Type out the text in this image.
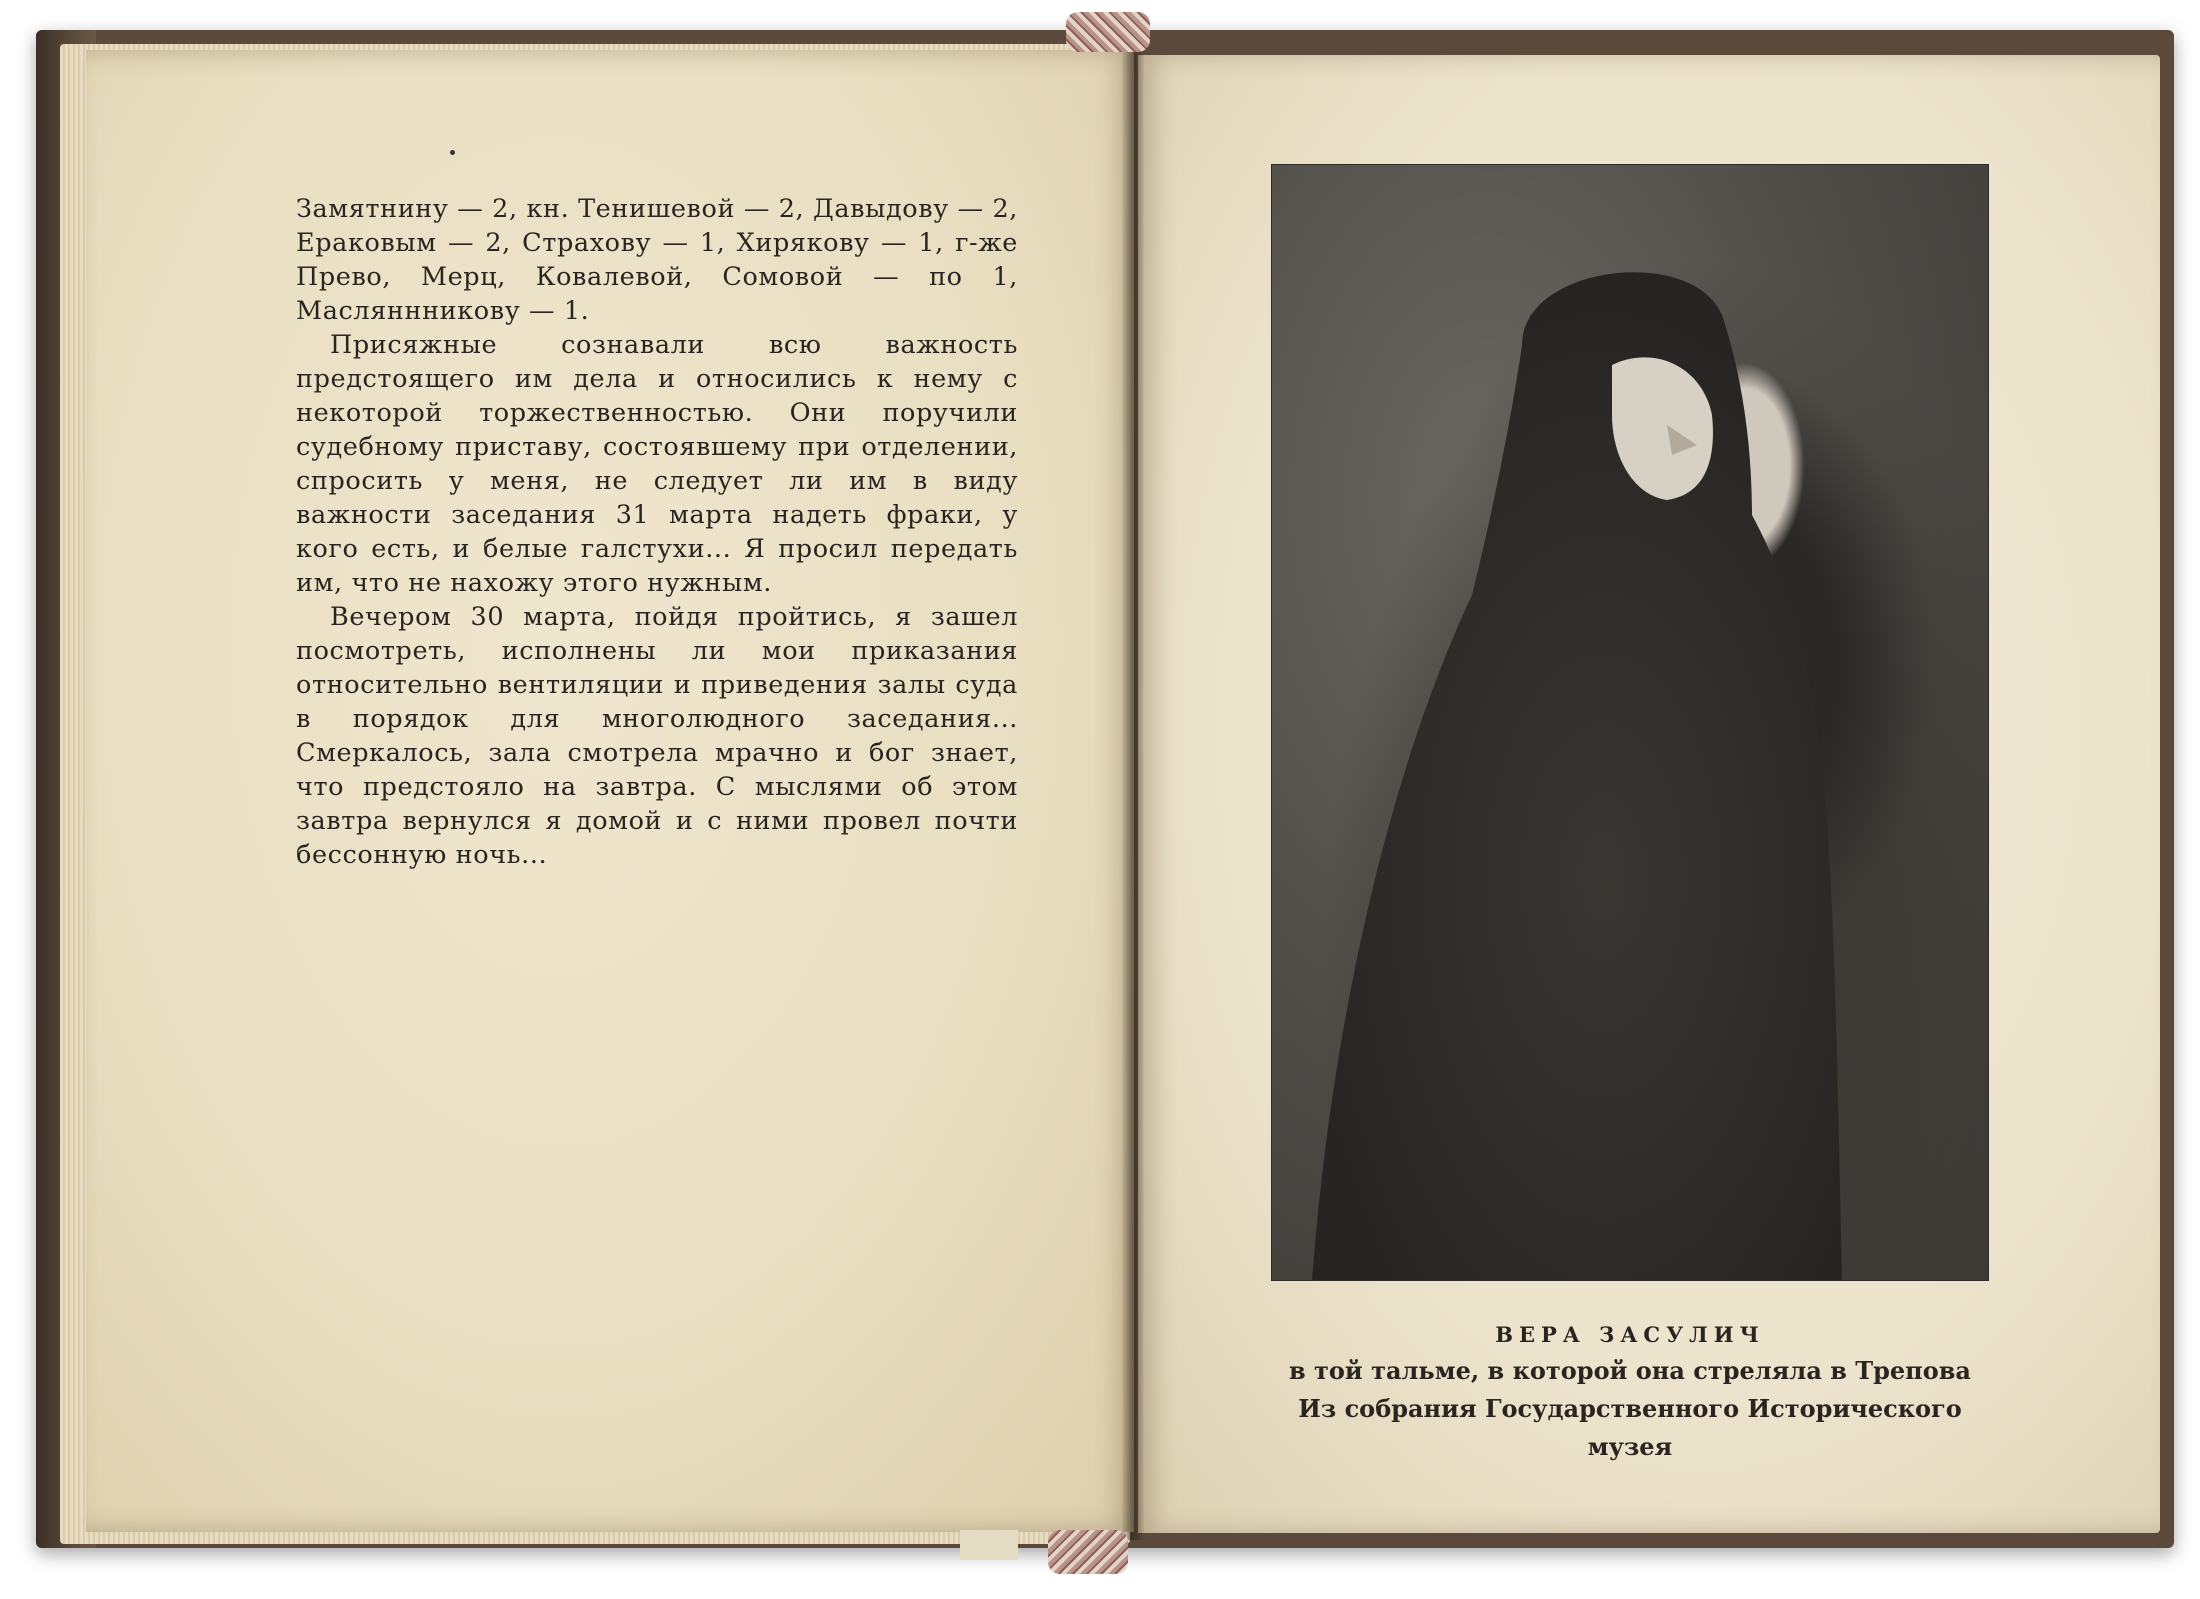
Замятнину — 2, кн. Тенишевой — 2, Давыдову — 2, Ераковым — 2, Страхову — 1, Хирякову — 1, г-же Прево, Мерц, Ковалевой, Сомовой — по 1, Масляннникову — 1.

Присяжные сознавали всю важность предстоящего им дела и относились к нему с некоторой торжественностью. Они поручили судебному приставу, состоявшему при отделении, спросить у меня, не следует ли им в виду важности заседания 31 марта надеть фраки, у кого есть, и белые галстухи... Я просил передать им, что не нахожу этого нужным.

Вечером 30 марта, пойдя пройтись, я зашел посмотреть, исполнены ли мои приказания относительно вентиляции и приведения залы суда в порядок для многолюдного заседания... Смеркалось, зала смотрела мрачно и бог знает, что предстояло на завтра. С мыслями об этом завтра вернулся я домой и с ними провел почти бессонную ночь...

ВЕРА ЗАСУЛИЧ
в той тальме, в которой она стреляла в Трепова
Из собрания Государственного Исторического музея
